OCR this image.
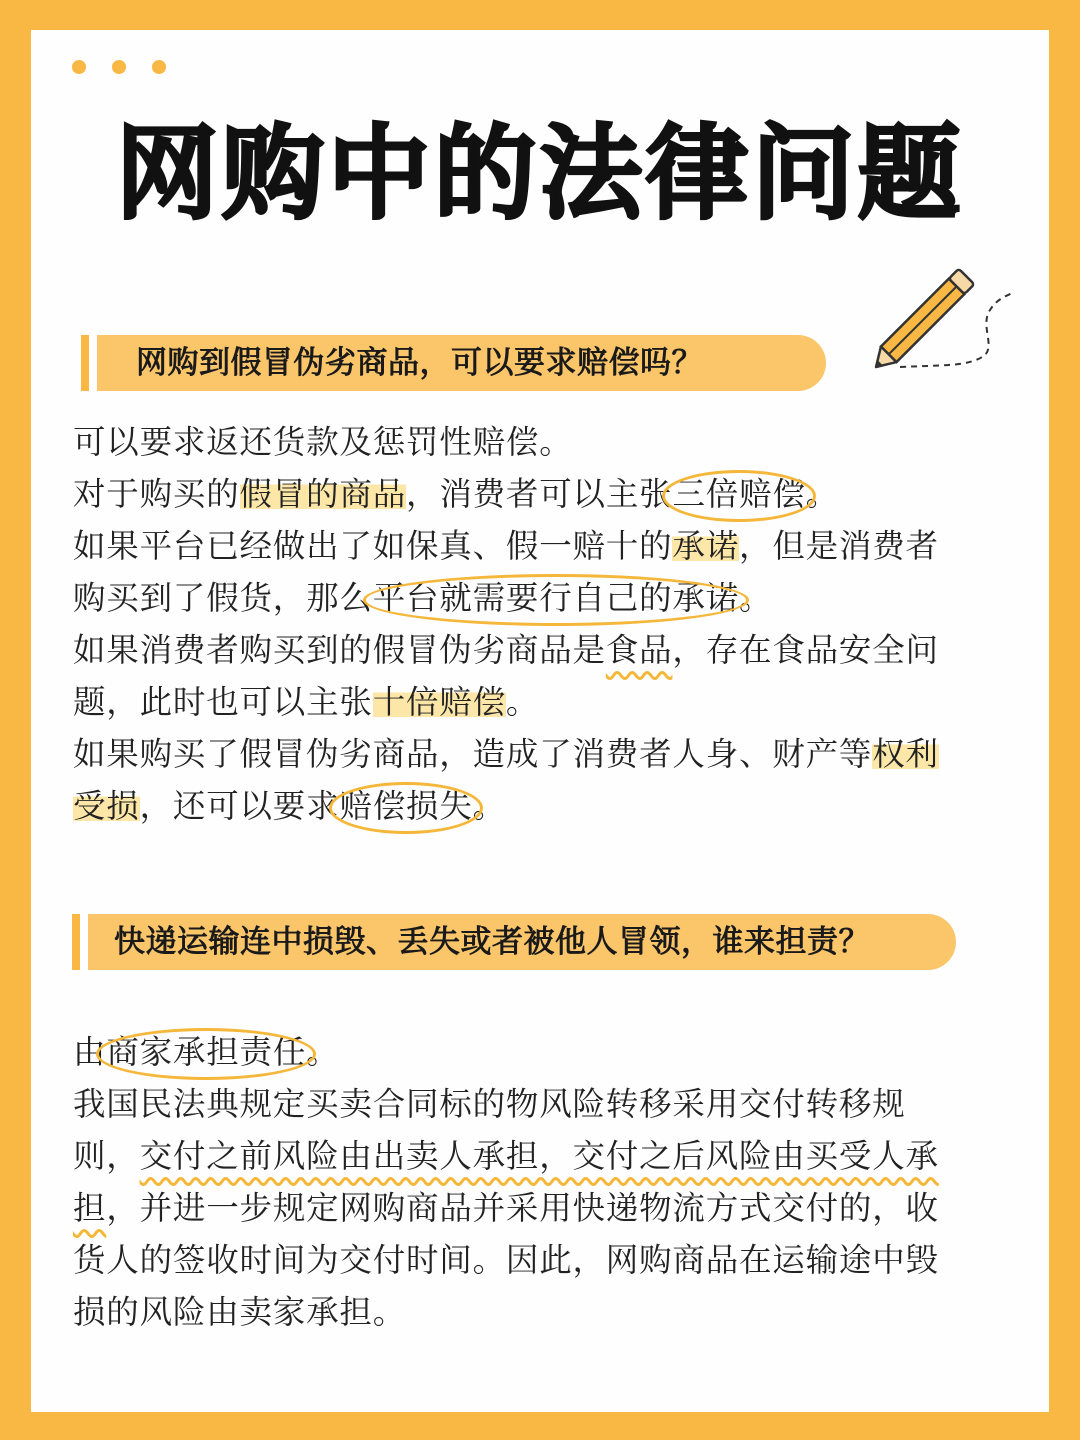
网购中的法律问题
网购到假冒伪劣商品，可以要求赔偿吗？
可以要求返还货款及惩罚性赔偿。
对于购买的假冒的商品，消费者可以主张三倍赔偿。
如果平台已经做出了如保真、假一赔十的承诺，但是消费者
购买到了假货，那么平台就需要行自己的承诺。
如果消费者购买到的假冒伪劣商品是食品，存在食品安全问
题，此时也可以主张十倍赔偿。
如果购买了假冒伪劣商品，造成了消费者人身、财产等权利
受损，还可以要求赔偿损失。
快递运输连中损毁、丢失或者被他人冒领，谁来担责？
由商家承担责任。
我国民法典规定买卖合同标的物风险转移采用交付转移规
则，交付之前风险由出卖人承担，交付之后风险由买受人承
担，并进一步规定网购商品并采用快递物流方式交付的，收
货人的签收时间为交付时间。因此，网购商品在运输途中毁
损的风险由卖家承担。
